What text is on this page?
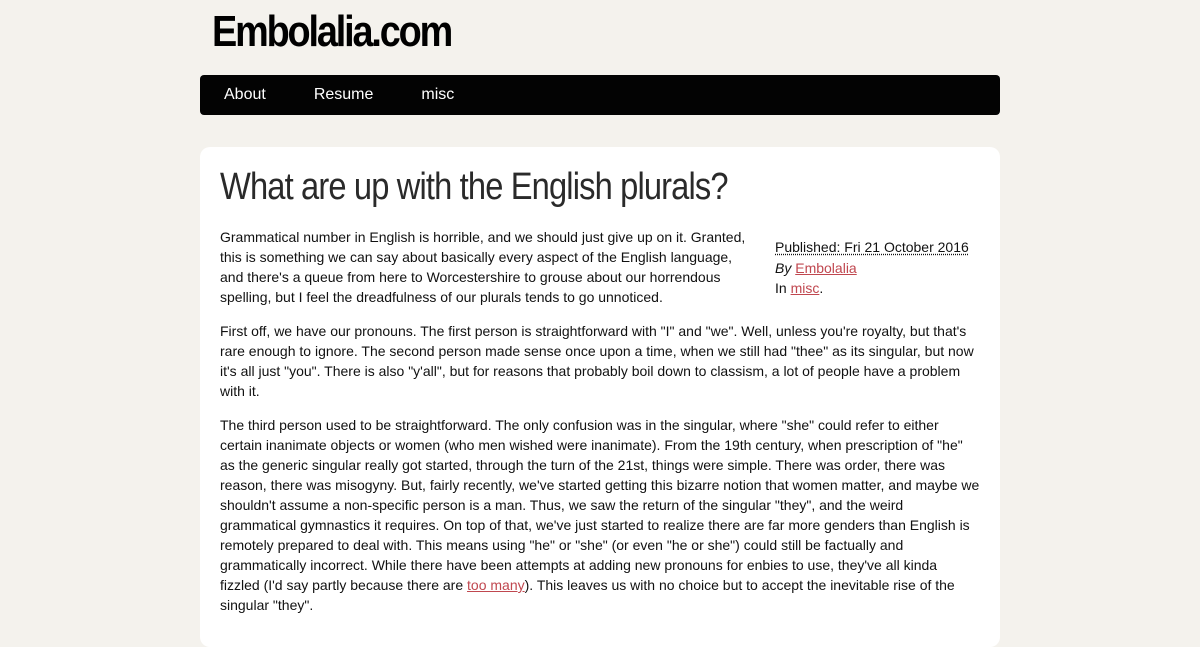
Embolalia.com
About	Resume	misc
What are up with the English plurals?
Published: Fri 21 October 2016
By Embolalia
In misc.

Grammatical number in English is horrible, and we should just give up on it. Granted, this is something we can say about basically every aspect of the English language, and there's a queue from here to Worcestershire to grouse about our horrendous spelling, but I feel the dreadfulness of our plurals tends to go unnoticed.

First off, we have our pronouns. The first person is straightforward with "I" and "we". Well, unless you're royalty, but that's rare enough to ignore. The second person made sense once upon a time, when we still had "thee" as its singular, but now it's all just "you". There is also "y'all", but for reasons that probably boil down to classism, a lot of people have a problem with it.

The third person used to be straightforward. The only confusion was in the singular, where "she" could refer to either certain inanimate objects or women (who men wished were inanimate). From the 19th century, when prescription of "he" as the generic singular really got started, through the turn of the 21st, things were simple. There was order, there was reason, there was misogyny. But, fairly recently, we've started getting this bizarre notion that women matter, and maybe we shouldn't assume a non-specific person is a man. Thus, we saw the return of the singular "they", and the weird grammatical gymnastics it requires. On top of that, we've just started to realize there are far more genders than English is remotely prepared to deal with. This means using "he" or "she" (or even "he or she") could still be factually and grammatically incorrect. While there have been attempts at adding new pronouns for enbies to use, they've all kinda fizzled (I'd say partly because there are too many). This leaves us with no choice but to accept the inevitable rise of the singular "they".
